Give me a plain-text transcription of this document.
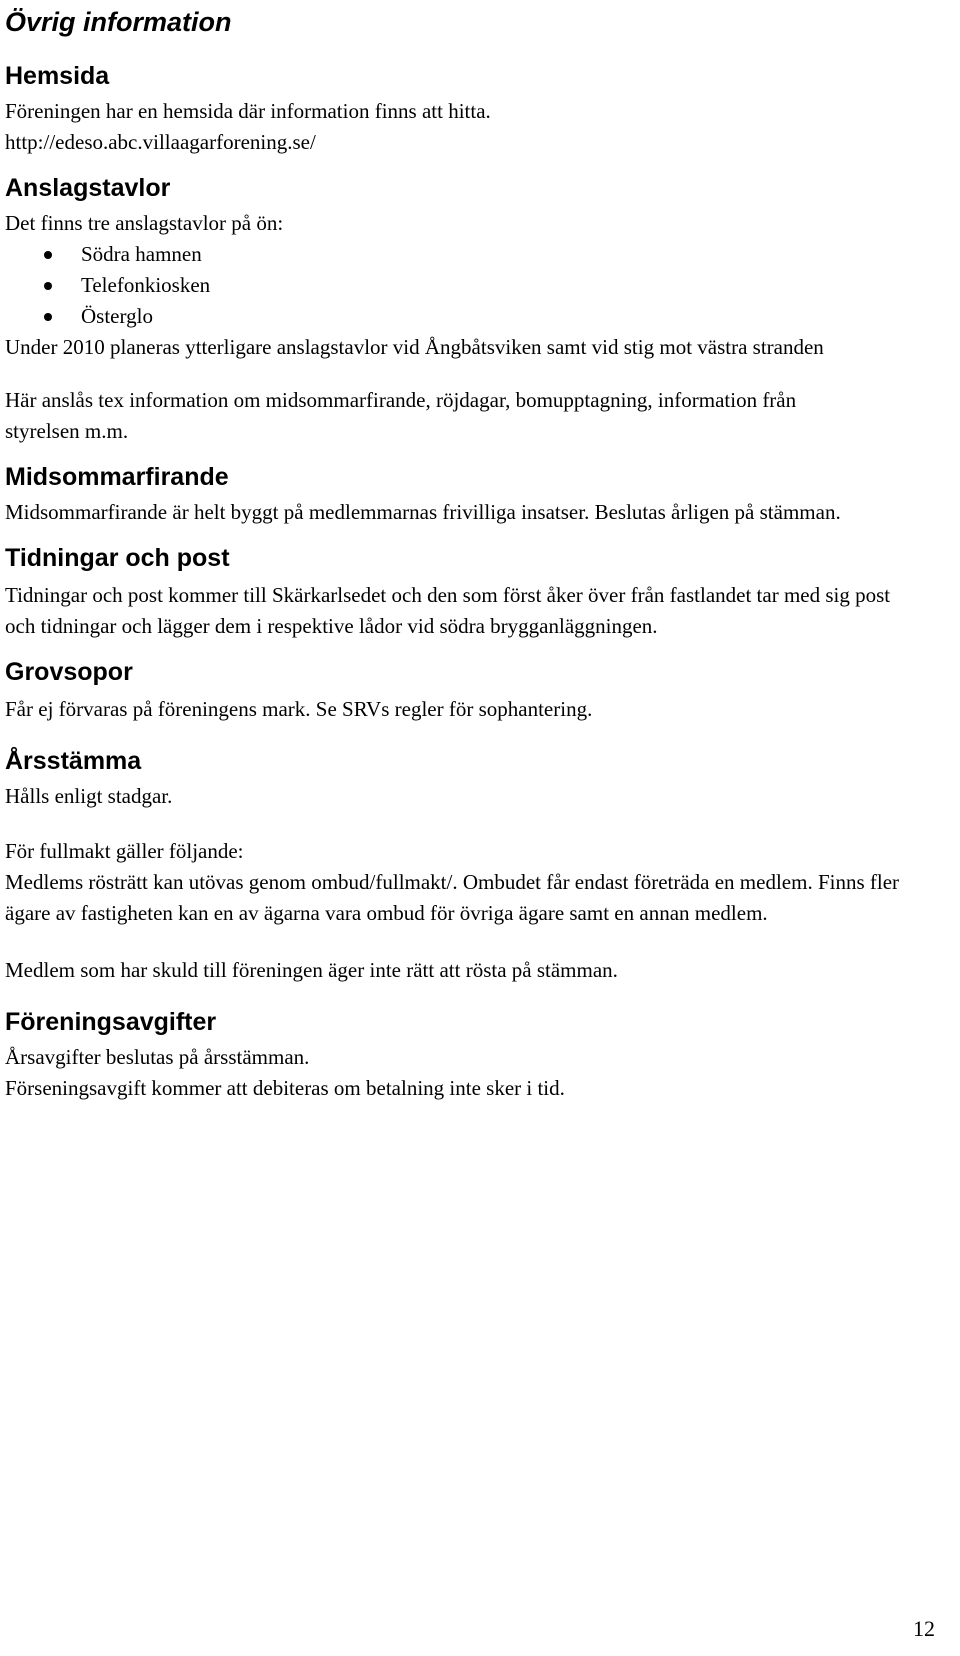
Övrig information
Hemsida

Föreningen har en hemsida där information finns att hitta.

http://edeso.abc.villaagarforening.se/

Anslagstavlor

Det finns tre anslagstavlor på ön:

Södra hamnen
Telefonkiosken
Österglo

Under 2010 planeras ytterligare anslagstavlor vid Ångbåtsviken samt vid stig mot västra stranden

Här anslås tex information om midsommarfirande, röjdagar, bomupptagning, information från styrelsen m.m.

Midsommarfirande

Midsommarfirande är helt byggt på medlemmarnas frivilliga insatser. Beslutas årligen på stämman.

Tidningar och post

Tidningar och post kommer till Skärkarlsedet och den som först åker över från fastlandet tar med sig post och tidningar och lägger dem i respektive lådor vid södra brygganläggningen.

Grovsopor

Får ej förvaras på föreningens mark. Se SRVs regler för sophantering.

Årsstämma

Hålls enligt stadgar.

För fullmakt gäller följande:

Medlems rösträtt kan utövas genom ombud/fullmakt/. Ombudet får endast företräda en medlem. Finns fler ägare av fastigheten kan en av ägarna vara ombud för övriga ägare samt en annan medlem.

Medlem som har skuld till föreningen äger inte rätt att rösta på stämman.

Föreningsavgifter

Årsavgifter beslutas på årsstämman.

Förseningsavgift kommer att debiteras om betalning inte sker i tid.

12
